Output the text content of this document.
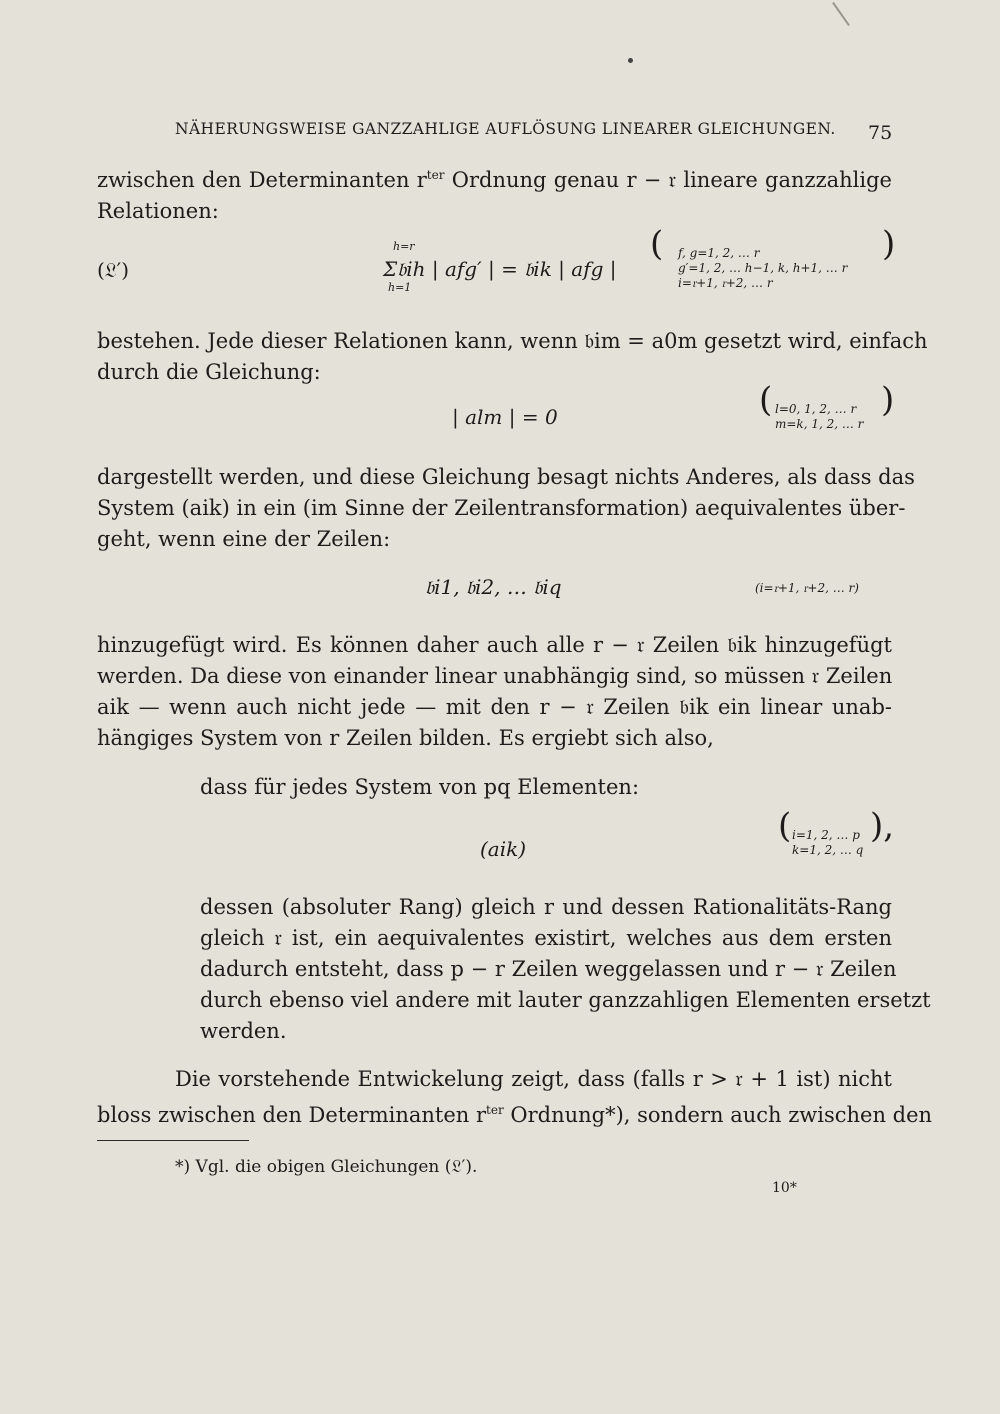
NÄHERUNGSWEISE GANZZAHLIGE AUFLÖSUNG LINEARER GLEICHUNGEN. 75
zwischen den Determinanten $r^{ter}$ Ordnung genau r − 𝔯 lineare ganzzahlige
Relationen:
(𝔏′)
h=r
h=1
Σ𝔟ih | afg′ | = 𝔟ik | afg |
( f, g=1, 2, … r
g′=1, 2, … h−1, k, h+1, … r
i=𝔯+1, 𝔯+2, … r
)
bestehen. Jede dieser Relationen kann, wenn 𝔟im = a0m gesetzt wird, einfach
durch die Gleichung:
| alm | = 0	( l=0, 1, 2, … r
m=k, 1, 2, … r
)
dargestellt werden, und diese Gleichung besagt nichts Anderes, als dass das
System (aik) in ein (im Sinne der Zeilentransformation) aequivalentes über-
geht, wenn eine der Zeilen:
𝔟i1, 𝔟i2, … 𝔟iq	(i=𝔯+1, 𝔯+2, … r)
hinzugefügt wird. Es können daher auch alle r − 𝔯 Zeilen 𝔟ik hinzugefügt
werden. Da diese von einander linear unabhängig sind, so müssen 𝔯 Zeilen
aik — wenn auch nicht jede — mit den r − 𝔯 Zeilen 𝔟ik ein linear unab-
hängiges System von r Zeilen bilden. Es ergiebt sich also,
dass für jedes System von pq Elementen:
(aik)
( i=1, 2, … p
k=1, 2, … q
),
dessen (absoluter Rang) gleich r und dessen Rationalitäts-Rang
gleich 𝔯 ist, ein aequivalentes existirt, welches aus dem ersten
dadurch entsteht, dass p − r Zeilen weggelassen und r − 𝔯 Zeilen
durch ebenso viel andere mit lauter ganzzahligen Elementen ersetzt
werden.
Die vorstehende Entwickelung zeigt, dass (falls r > 𝔯 + 1 ist) nicht
bloss zwischen den Determinanten $r^{ter}$ Ordnung*), sondern auch zwischen den
*) Vgl. die obigen Gleichungen (𝔏′).
10*
